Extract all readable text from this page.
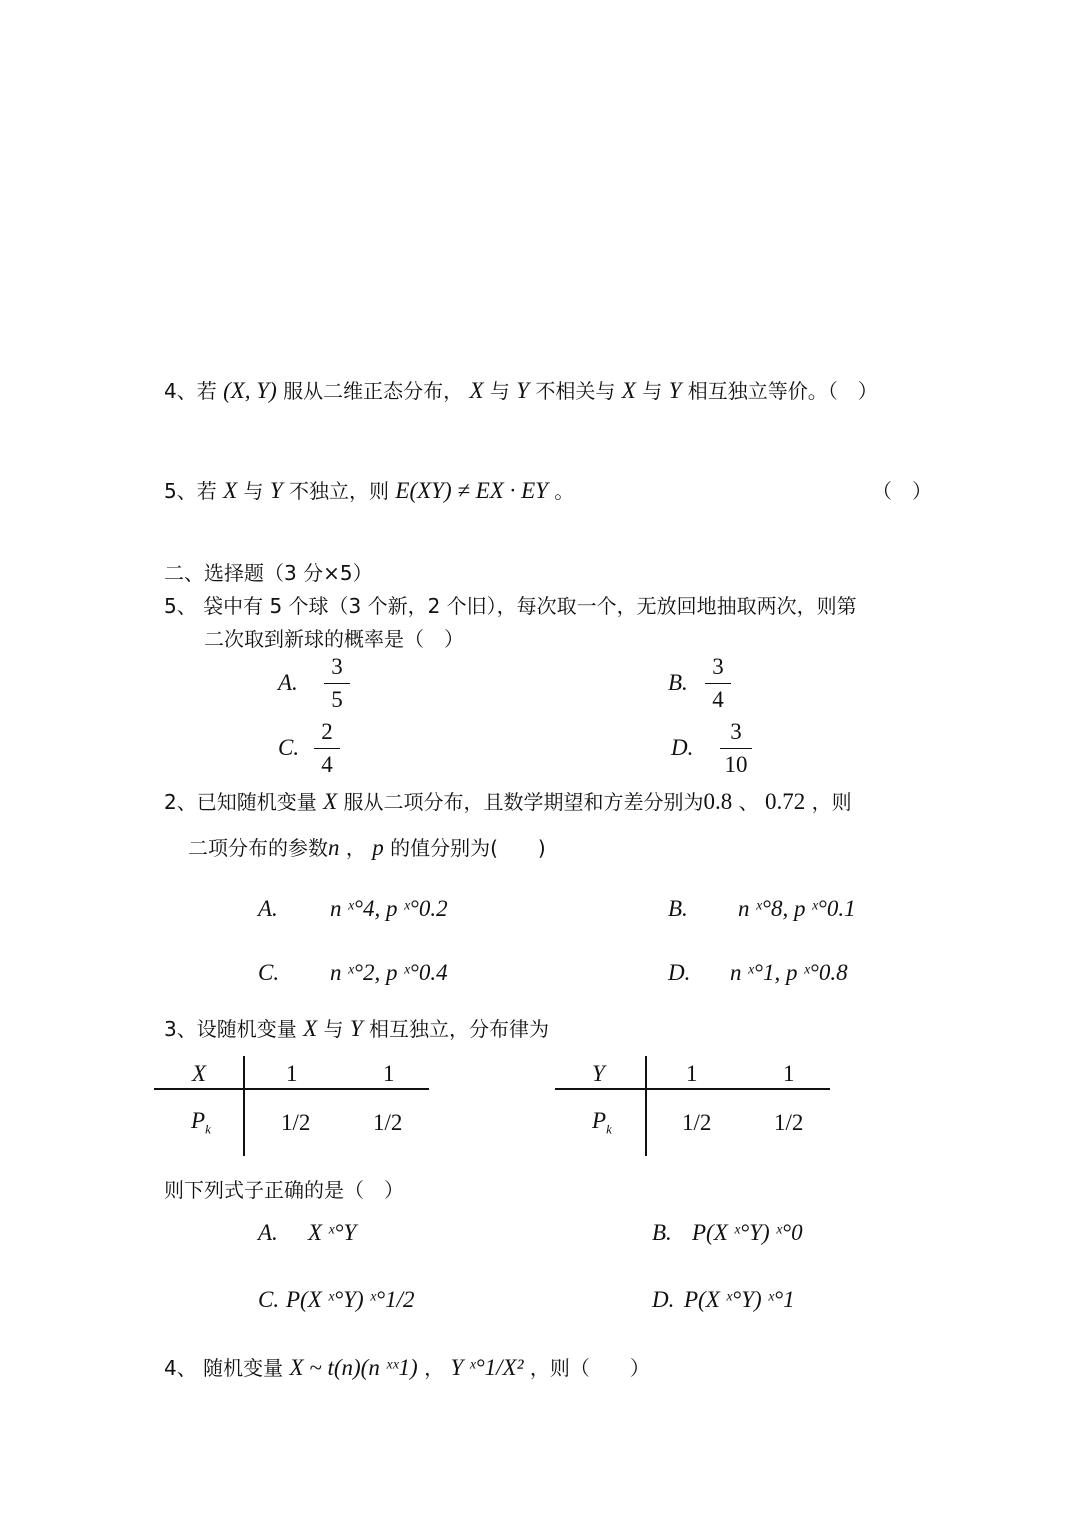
4、若 (X, Y) 服从二维正态分布， X 与 Y 不相关与 X 与 Y 相互独立等价。（　）
5、若 X 与 Y 不独立，则 E(XY) ≠ EX · EY 。	（　）
二、选择题（3 分×5）
5、 袋中有 5 个球（3 个新，2 个旧），每次取一个，无放回地抽取两次，则第
二次取到新球的概率是（　）
A.
3
5
B.
3
4
C.
2
4
D.
3
10
2、已知随机变量 X 服从二项分布，且数学期望和方差分别为0.8 、 0.72 ，则
二项分布的参数n ， p 的值分别为(　　)
A. n ˣ°4, p ˣ°0.2	B. n ˣ°8, p ˣ°0.1
C. n ˣ°2, p ˣ°0.4	D. n ˣ°1, p ˣ°0.8
3、设随机变量 X 与 Y 相互独立，分布律为
X	1	1
$P_k$	1/2	1/2
Y	1	1
$P_k$	1/2	1/2
则下列式子正确的是（　）
A. X ˣ°Y	B. P(X ˣ°Y) ˣ°0
C. P(X ˣ°Y) ˣ°1/2	D. P(X ˣ°Y) ˣ°1
4、 随机变量 X ~ t(n)(n ˣˣ1) ， Y ˣ°1/X² ，则（　　）
